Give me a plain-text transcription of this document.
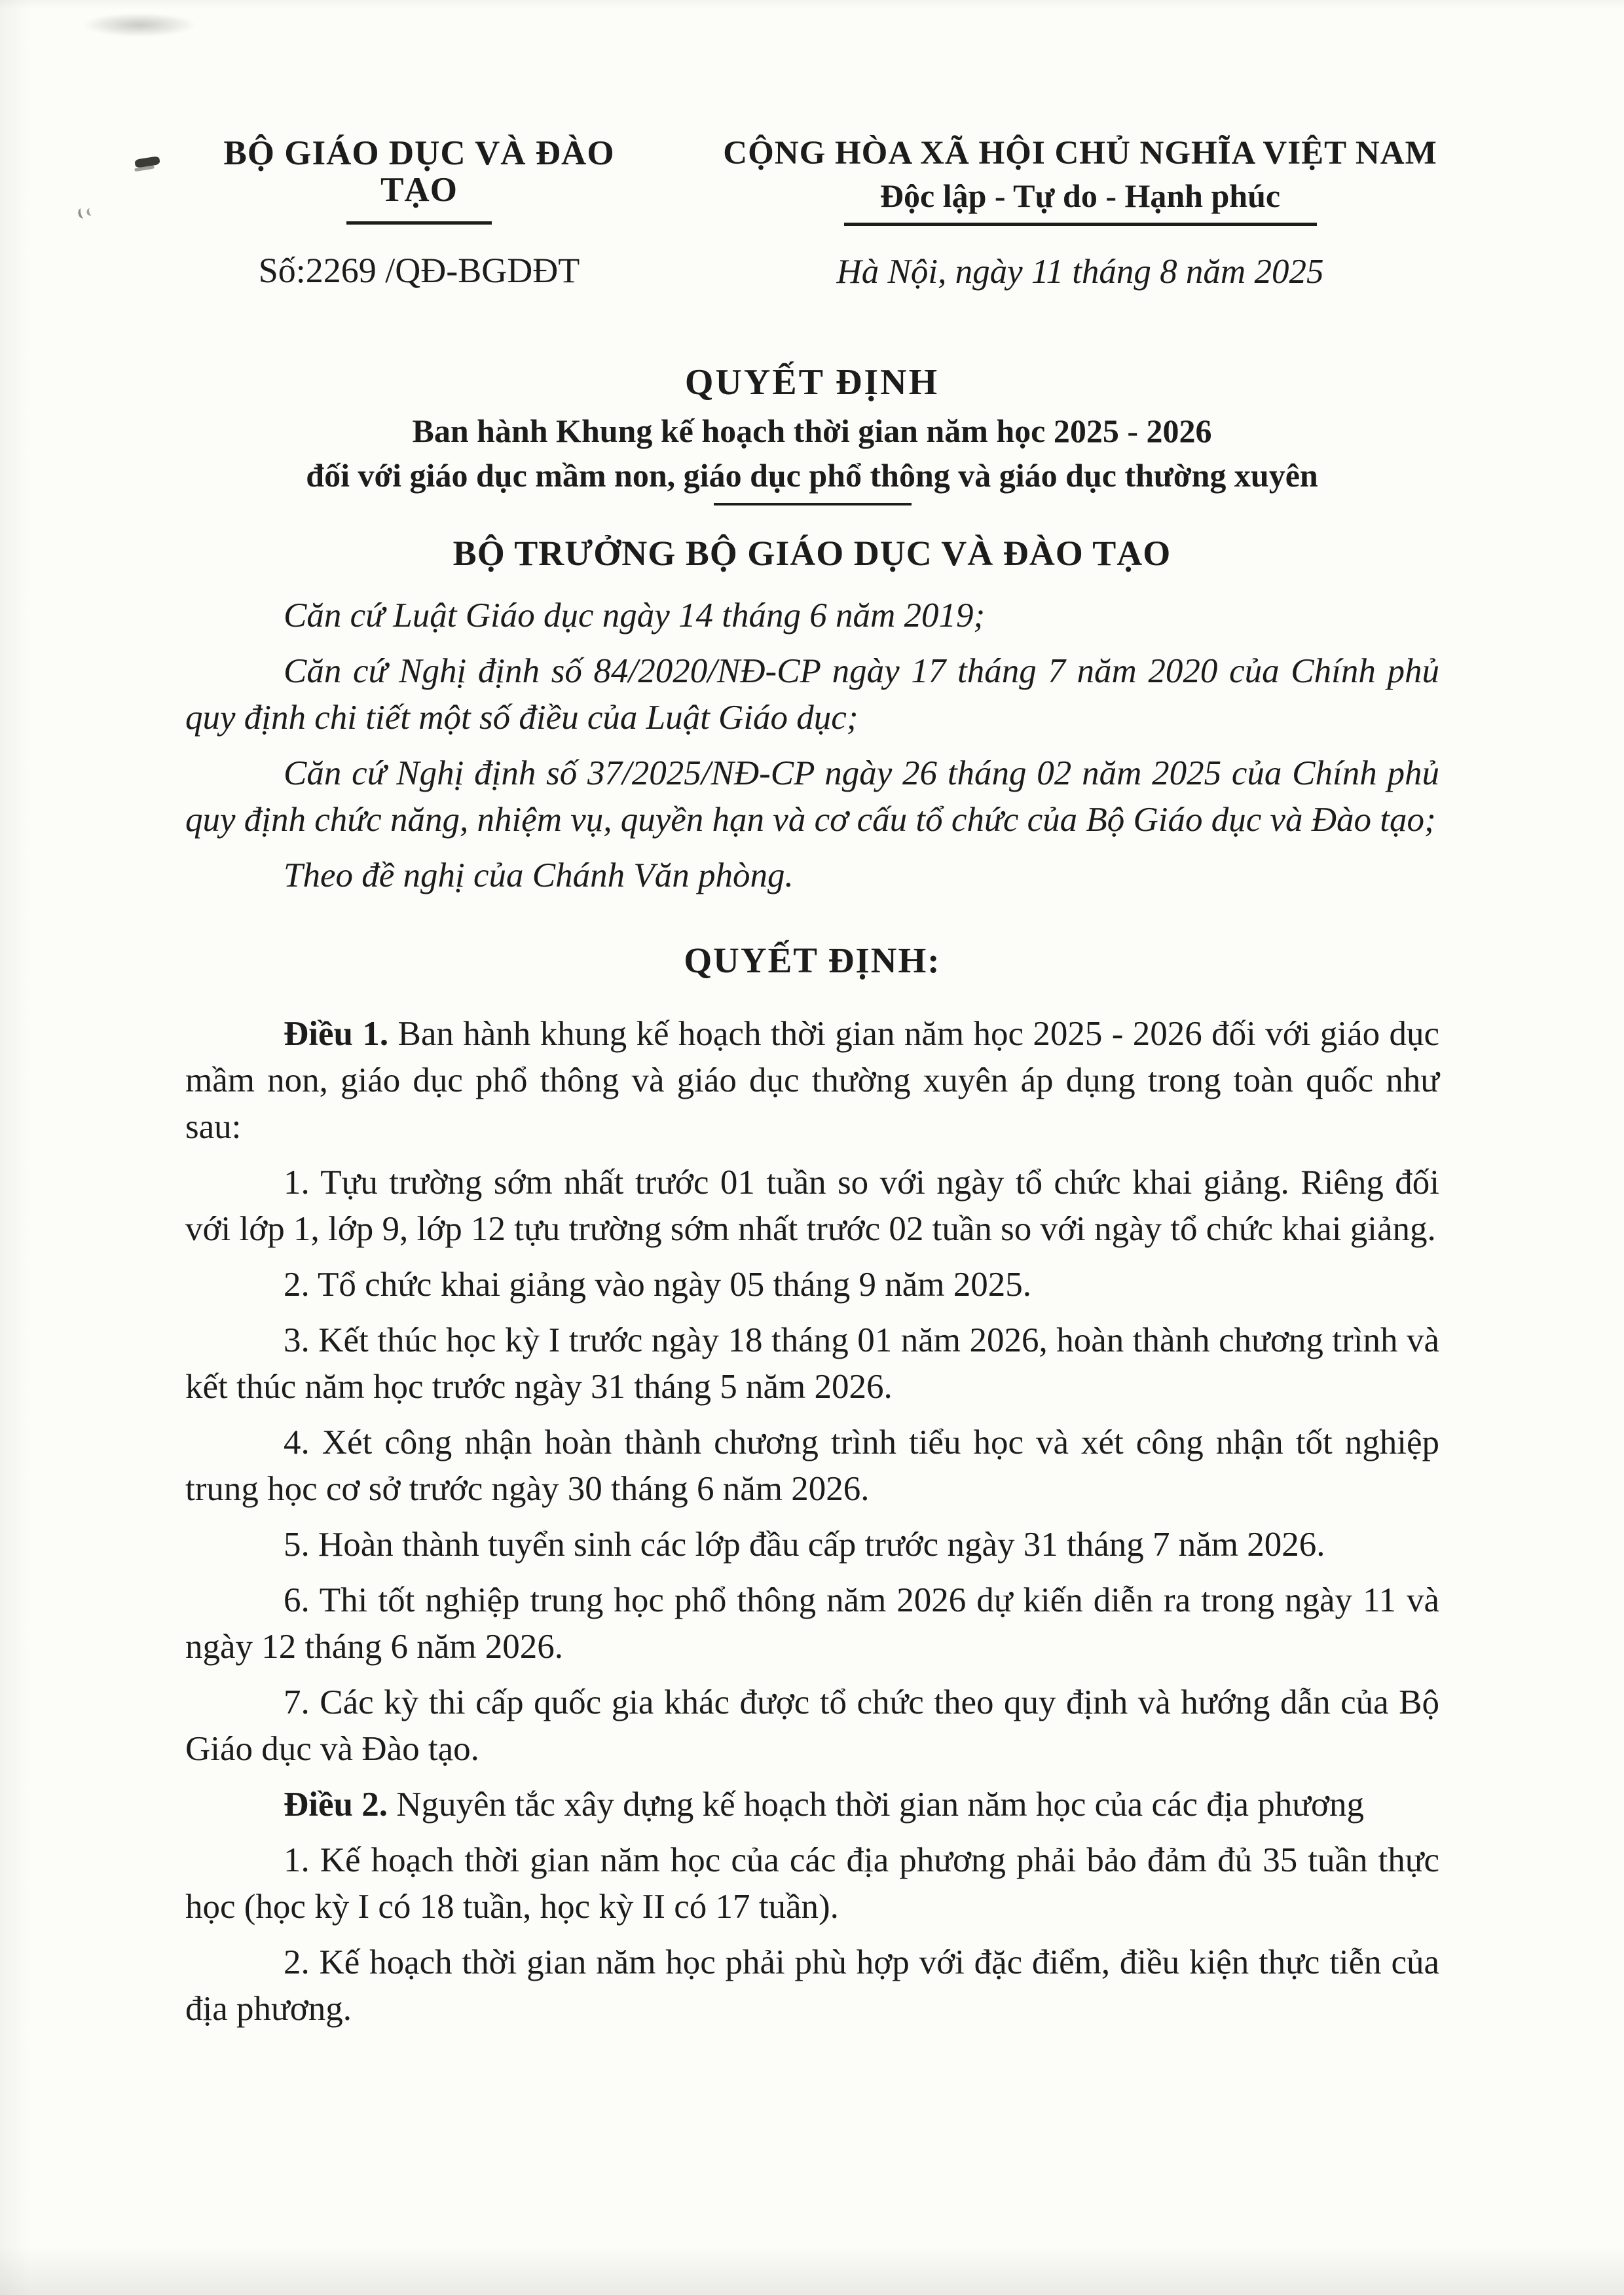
BỘ GIÁO DỤC VÀ ĐÀO TẠO
Số:2269 /QĐ-BGDĐT
CỘNG HÒA XÃ HỘI CHỦ NGHĨA VIỆT NAM
Độc lập - Tự do - Hạnh phúc
Hà Nội, ngày 11 tháng 8 năm 2025
QUYẾT ĐỊNH
Ban hành Khung kế hoạch thời gian năm học 2025 - 2026
đối với giáo dục mầm non, giáo dục phổ thông và giáo dục thường xuyên
BỘ TRƯỞNG BỘ GIÁO DỤC VÀ ĐÀO TẠO

Căn cứ Luật Giáo dục ngày 14 tháng 6 năm 2019;

Căn cứ Nghị định số 84/2020/NĐ-CP ngày 17 tháng 7 năm 2020 của Chính phủ quy định chi tiết một số điều của Luật Giáo dục;

Căn cứ Nghị định số 37/2025/NĐ-CP ngày 26 tháng 02 năm 2025 của Chính phủ quy định chức năng, nhiệm vụ, quyền hạn và cơ cấu tổ chức của Bộ Giáo dục và Đào tạo;

Theo đề nghị của Chánh Văn phòng.

QUYẾT ĐỊNH:

Điều 1. Ban hành khung kế hoạch thời gian năm học 2025 - 2026 đối với giáo dục mầm non, giáo dục phổ thông và giáo dục thường xuyên áp dụng trong toàn quốc như sau:

1. Tựu trường sớm nhất trước 01 tuần so với ngày tổ chức khai giảng. Riêng đối với lớp 1, lớp 9, lớp 12 tựu trường sớm nhất trước 02 tuần so với ngày tổ chức khai giảng.

2. Tổ chức khai giảng vào ngày 05 tháng 9 năm 2025.

3. Kết thúc học kỳ I trước ngày 18 tháng 01 năm 2026, hoàn thành chương trình và kết thúc năm học trước ngày 31 tháng 5 năm 2026.

4. Xét công nhận hoàn thành chương trình tiểu học và xét công nhận tốt nghiệp trung học cơ sở trước ngày 30 tháng 6 năm 2026.

5. Hoàn thành tuyển sinh các lớp đầu cấp trước ngày 31 tháng 7 năm 2026.

6. Thi tốt nghiệp trung học phổ thông năm 2026 dự kiến diễn ra trong ngày 11 và ngày 12 tháng 6 năm 2026.

7. Các kỳ thi cấp quốc gia khác được tổ chức theo quy định và hướng dẫn của Bộ Giáo dục và Đào tạo.

Điều 2. Nguyên tắc xây dựng kế hoạch thời gian năm học của các địa phương

1. Kế hoạch thời gian năm học của các địa phương phải bảo đảm đủ 35 tuần thực học (học kỳ I có 18 tuần, học kỳ II có 17 tuần).

2. Kế hoạch thời gian năm học phải phù hợp với đặc điểm, điều kiện thực tiễn của địa phương.
